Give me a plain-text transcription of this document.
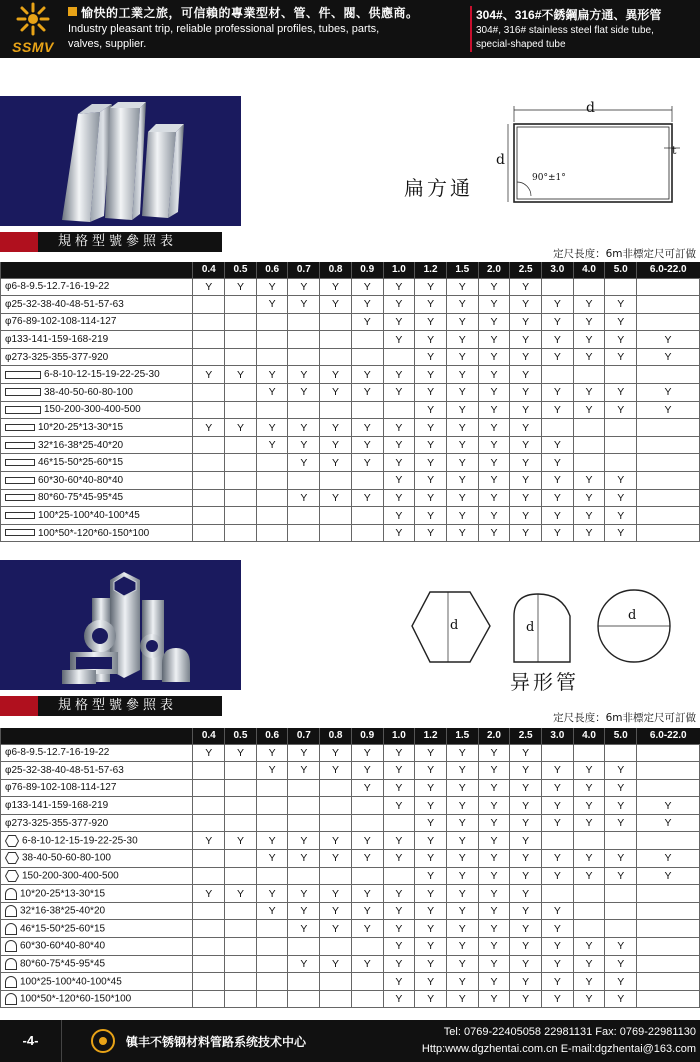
SSMV
愉快的工業之旅，可信賴的專業型材、管、件、閥、供應商。
Industry pleasant trip, reliable professional profiles, tubes, parts,
valves, supplier.
304#、316#不銹鋼扁方通、異形管
304#, 316# stainless steel flat side tube,
special-shaped tube
d
d
t
90°±1°
扁方通
規格型號參照表
定尺長度：6m非標定尺可訂做
	0.4	0.5	0.6	0.7	0.8	0.9	1.0	1.2	1.5	2.0	2.5	3.0	4.0	5.0	6.0-22.0
φ6-8-9.5-12.7-16-19-22	Y	Y	Y	Y	Y	Y	Y	Y	Y	Y	Y				
φ25-32-38-40-48-51-57-63			Y	Y	Y	Y	Y	Y	Y	Y	Y	Y	Y	Y	
φ76-89-102-108-114-127						Y	Y	Y	Y	Y	Y	Y	Y	Y	
φ133-141-159-168-219							Y	Y	Y	Y	Y	Y	Y	Y	Y
φ273-325-355-377-920								Y	Y	Y	Y	Y	Y	Y	Y
6-8-10-12-15-19-22-25-30	Y	Y	Y	Y	Y	Y	Y	Y	Y	Y	Y				
38-40-50-60-80-100			Y	Y	Y	Y	Y	Y	Y	Y	Y	Y	Y	Y	Y
150-200-300-400-500								Y	Y	Y	Y	Y	Y	Y	Y
10*20-25*13-30*15	Y	Y	Y	Y	Y	Y	Y	Y	Y	Y	Y				
32*16-38*25-40*20			Y	Y	Y	Y	Y	Y	Y	Y	Y	Y			
46*15-50*25-60*15				Y	Y	Y	Y	Y	Y	Y	Y	Y			
60*30-60*40-80*40							Y	Y	Y	Y	Y	Y	Y	Y	
80*60-75*45-95*45				Y	Y	Y	Y	Y	Y	Y	Y	Y	Y	Y	
100*25-100*40-100*45							Y	Y	Y	Y	Y	Y	Y	Y	
100*50*-120*60-150*100							Y	Y	Y	Y	Y	Y	Y	Y	
d	d
d
异形管
規格型號參照表
定尺長度：6m非標定尺可訂做
	0.4	0.5	0.6	0.7	0.8	0.9	1.0	1.2	1.5	2.0	2.5	3.0	4.0	5.0	6.0-22.0
φ6-8-9.5-12.7-16-19-22	Y	Y	Y	Y	Y	Y	Y	Y	Y	Y	Y				
φ25-32-38-40-48-51-57-63			Y	Y	Y	Y	Y	Y	Y	Y	Y	Y	Y	Y	
φ76-89-102-108-114-127						Y	Y	Y	Y	Y	Y	Y	Y	Y	
φ133-141-159-168-219							Y	Y	Y	Y	Y	Y	Y	Y	Y
φ273-325-355-377-920								Y	Y	Y	Y	Y	Y	Y	Y
6-8-10-12-15-19-22-25-30	Y	Y	Y	Y	Y	Y	Y	Y	Y	Y	Y				
38-40-50-60-80-100			Y	Y	Y	Y	Y	Y	Y	Y	Y	Y	Y	Y	Y
150-200-300-400-500								Y	Y	Y	Y	Y	Y	Y	Y
10*20-25*13-30*15	Y	Y	Y	Y	Y	Y	Y	Y	Y	Y	Y				
32*16-38*25-40*20			Y	Y	Y	Y	Y	Y	Y	Y	Y	Y			
46*15-50*25-60*15				Y	Y	Y	Y	Y	Y	Y	Y	Y			
60*30-60*40-80*40							Y	Y	Y	Y	Y	Y	Y	Y	
80*60-75*45-95*45				Y	Y	Y	Y	Y	Y	Y	Y	Y	Y	Y	
100*25-100*40-100*45							Y	Y	Y	Y	Y	Y	Y	Y	
100*50*-120*60-150*100							Y	Y	Y	Y	Y	Y	Y	Y	
-4-	镇丰不锈钢材料管路系统技术中心
Tel: 0769-22405058 22981131 Fax: 0769-22981130
Http:www.dgzhentai.com.cn E-mail:dgzhentai@163.com
